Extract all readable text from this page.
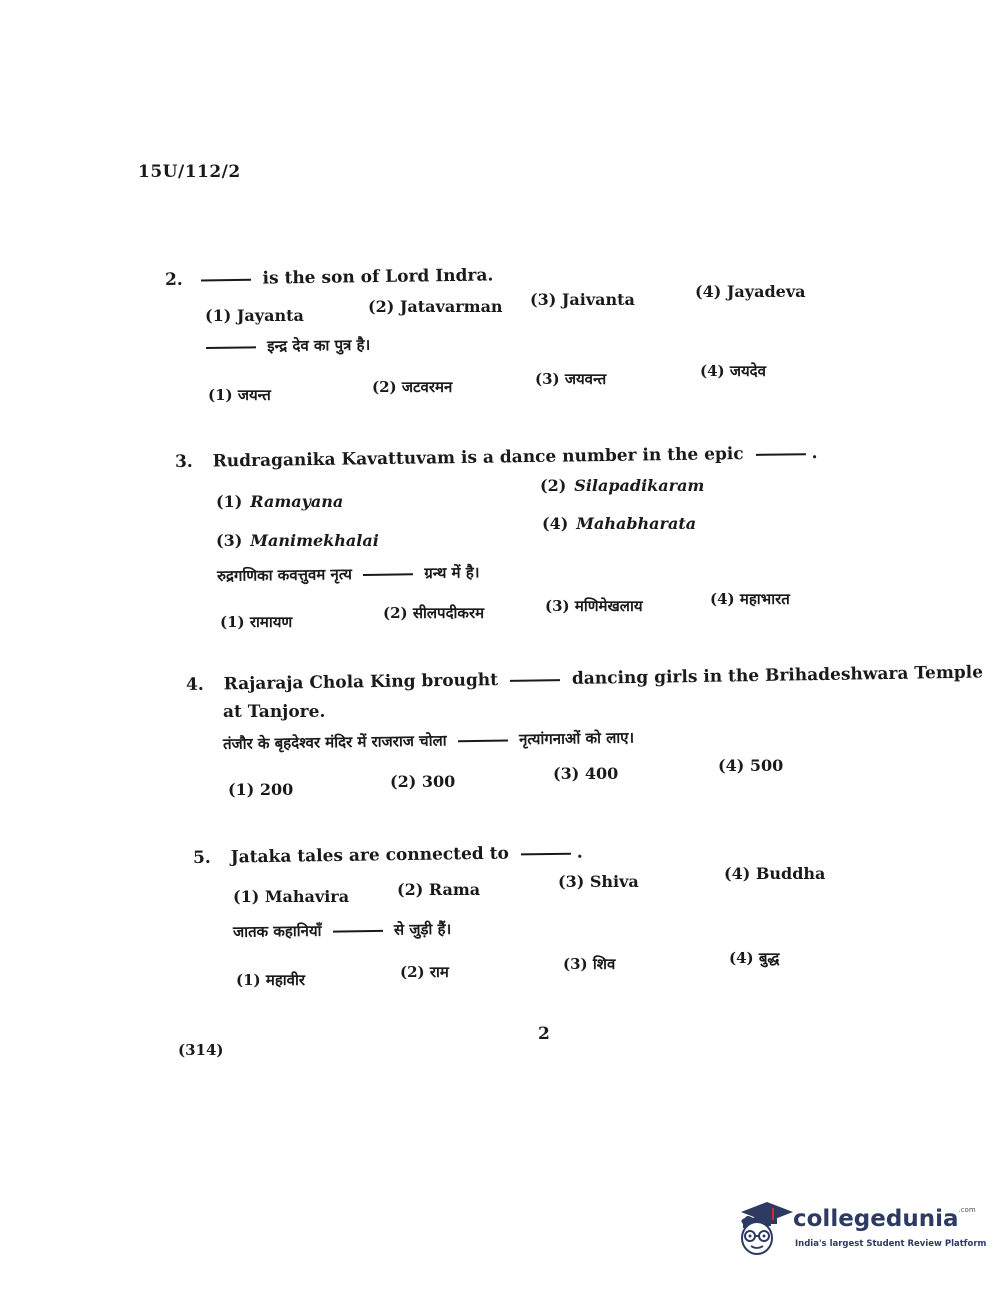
15U/112/2
2.	is the son of Lord Indra.
(1) Jayanta	(2) Jatavarman (3) Jaivanta	(4) Jayadeva
इन्द्र देव का पुत्र है।
(1) जयन्त	(2) जटवरमन	(3) जयवन्त	(4) जयदेव
3. Rudraganika Kavattuvam is a dance number in the epic	.
(1) Ramayana
(2) Silapadikaram
(3) Manimekhalai
(4) Mahabharata
रुद्रगणिका कवत्तुवम नृत्य	ग्रन्थ में है।
(1) रामायण	(2) सीलपदीकरम	(3) मणिमेखलाय	(4) महाभारत
4. Rajaraja Chola King brought	dancing girls in the Brihadeshwara Temple
at Tanjore.
तंजौर के बृहदेश्वर मंदिर में राजराज चोला	नृत्यांगनाओं को लाए।
(1) 200	(2) 300	(3) 400	(4) 500
5. Jataka tales are connected to	.
(1) Mahavira	(2) Rama	(3) Shiva	(4) Buddha
जातक कहानियाँ	से जुड़ी हैं।
(1) महावीर	(2) राम	(3) शिव	(4) बुद्ध
2
(314)
collegedunia$^{.com}$
India's largest Student Review Platform
